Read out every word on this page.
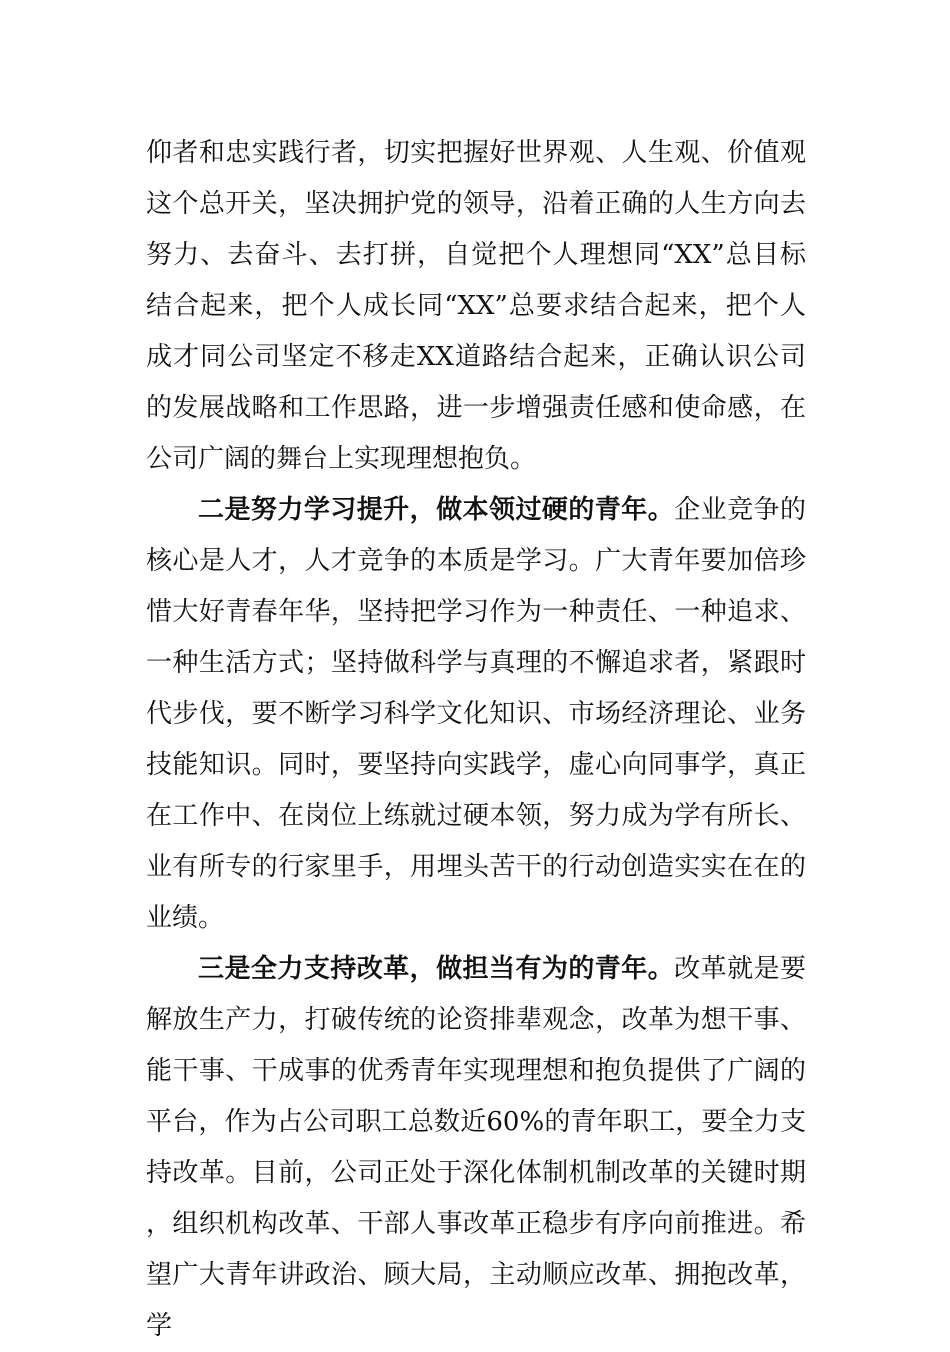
仰者和忠实践行者，切实把握好世界观、人生观、价值观这个总开关，坚决拥护党的领导，沿着正确的人生方向去努力、去奋斗、去打拼，自觉把个人理想同“XX”总目标结合起来，把个人成长同“XX”总要求结合起来，把个人成才同公司坚定不移走XX道路结合起来，正确认识公司的发展战略和工作思路，进一步增强责任感和使命感，在公司广阔的舞台上实现理想抱负。

二是努力学习提升，做本领过硬的青年。企业竞争的核心是人才，人才竞争的本质是学习。广大青年要加倍珍惜大好青春年华，坚持把学习作为一种责任、一种追求、一种生活方式；坚持做科学与真理的不懈追求者，紧跟时代步伐，要不断学习科学文化知识、市场经济理论、业务技能知识。同时，要坚持向实践学，虚心向同事学，真正在工作中、在岗位上练就过硬本领，努力成为学有所长、业有所专的行家里手，用埋头苦干的行动创造实实在在的业绩。

三是全力支持改革，做担当有为的青年。改革就是要解放生产力，打破传统的论资排辈观念，改革为想干事、能干事、干成事的优秀青年实现理想和抱负提供了广阔的平台，作为占公司职工总数近60%的青年职工，要全力支持改革。目前，公司正处于深化体制机制改革的关键时期，组织机构改革、干部人事改革正稳步有序向前推进。希望广大青年讲政治、顾大局，主动顺应改革、拥抱改革，学
